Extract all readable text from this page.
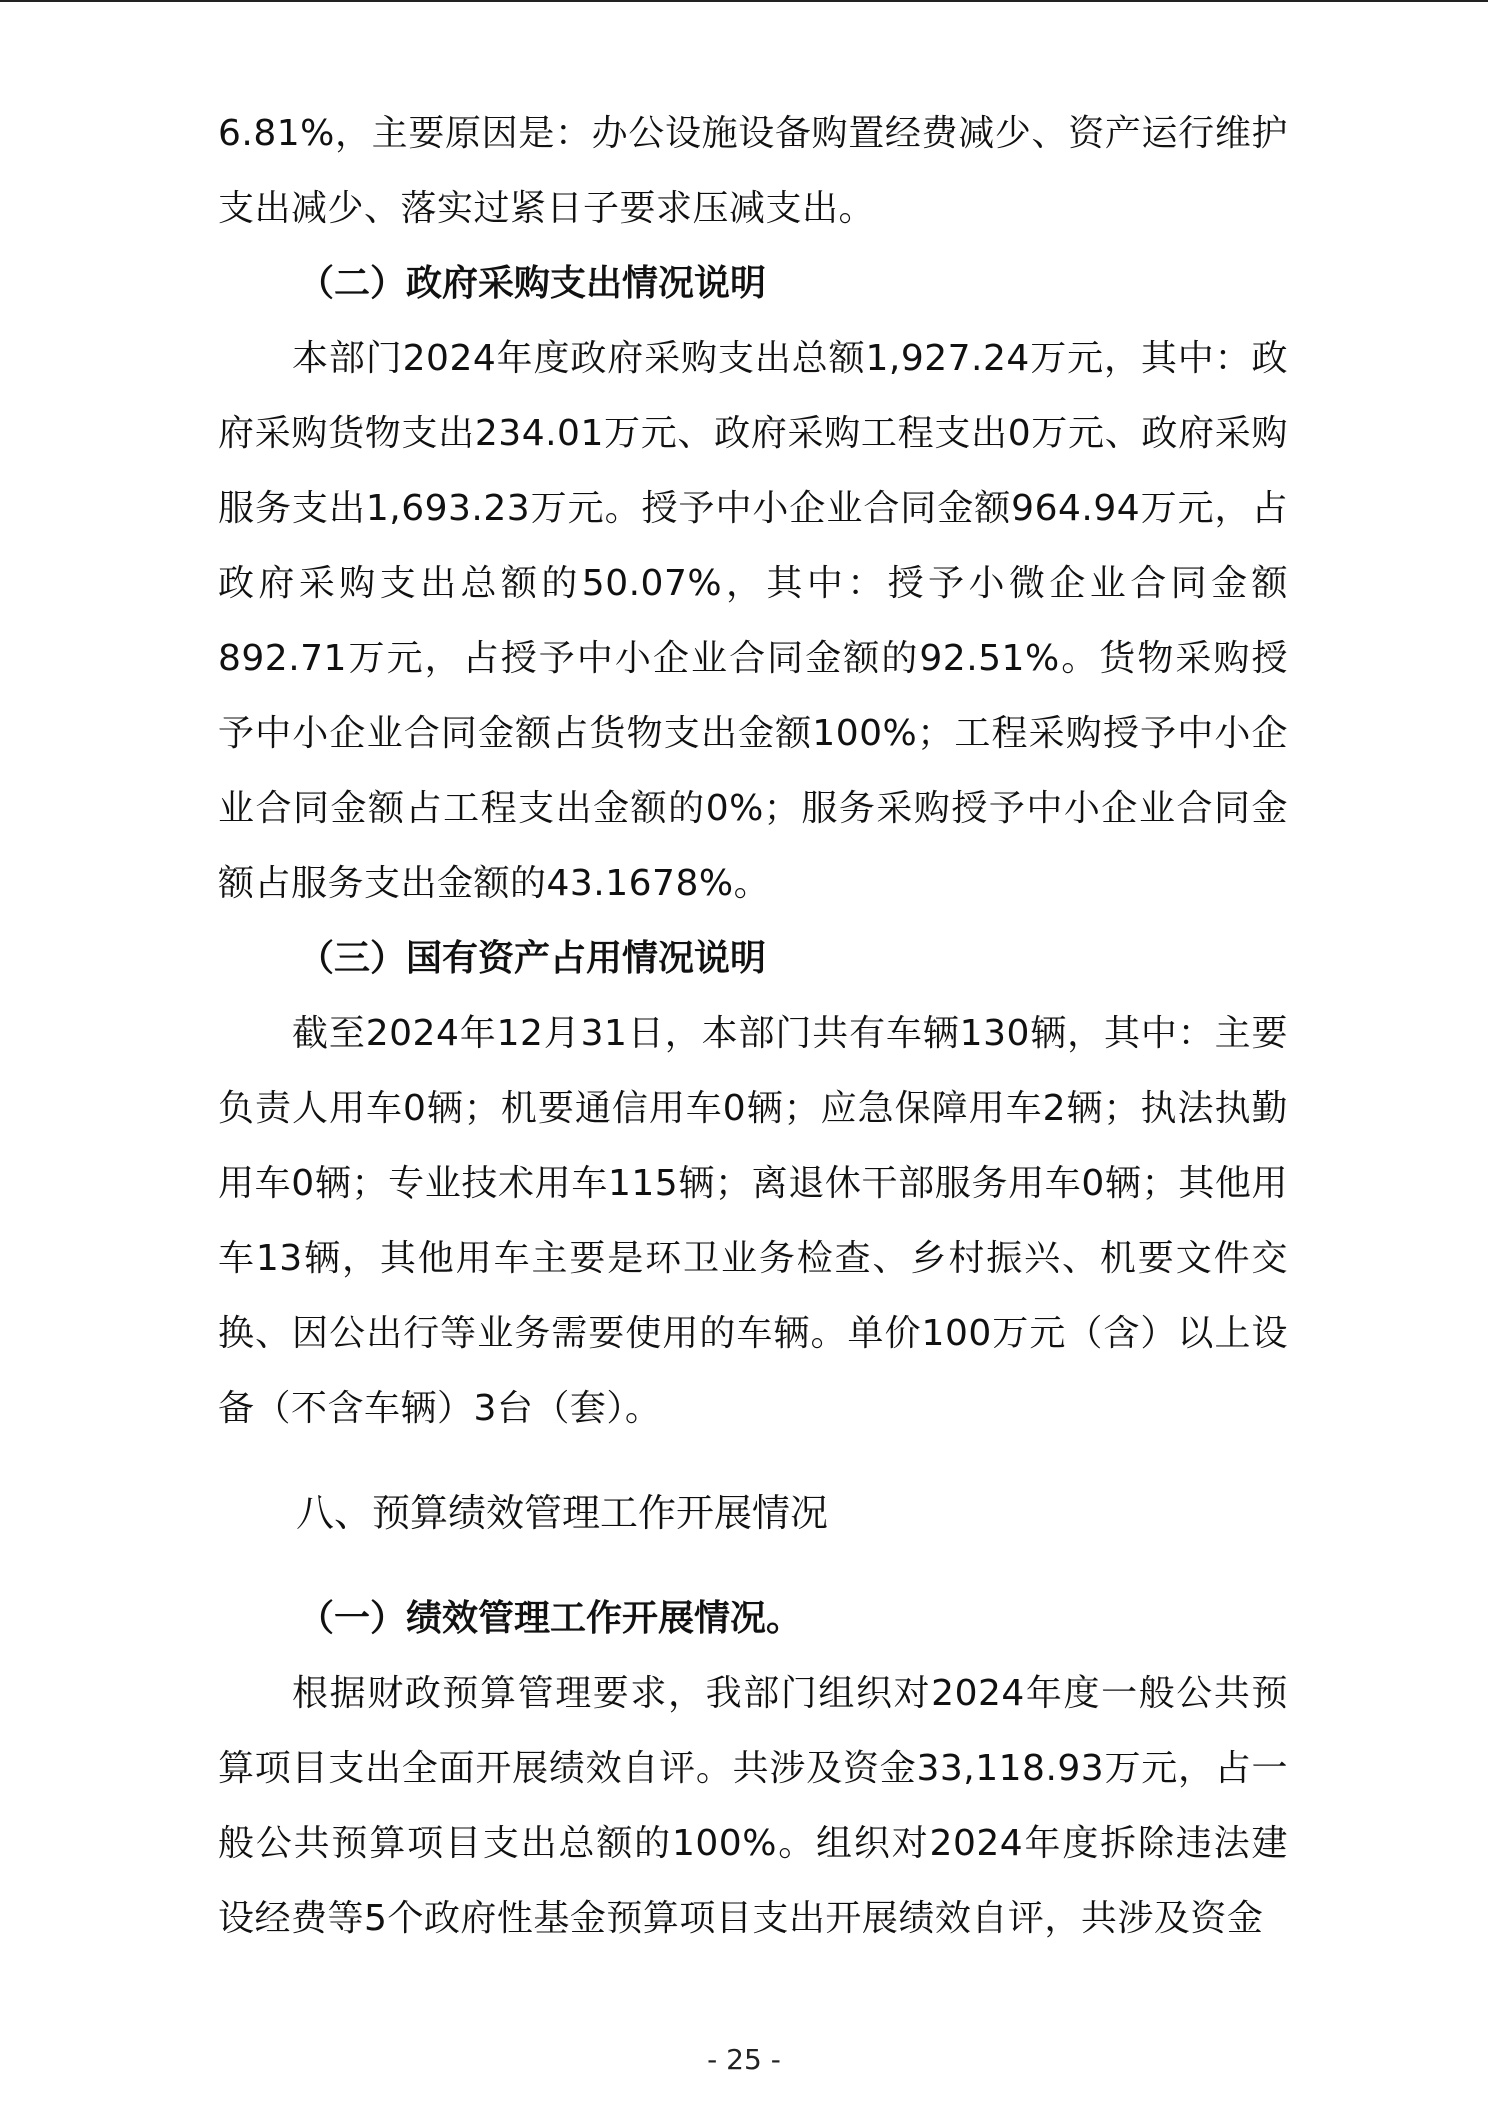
6.81%，主要原因是：办公设施设备购置经费减少、资产运行维护支出减少、落实过紧日子要求压减支出。

（二）政府采购支出情况说明

本部门2024年度政府采购支出总额1,927.24万元，其中：政府采购货物支出234.01万元、政府采购工程支出0万元、政府采购服务支出1,693.23万元。授予中小企业合同金额964.94万元，占政府采购支出总额的50.07%，其中：授予小微企业合同金额892.71万元，占授予中小企业合同金额的92.51%。货物采购授予中小企业合同金额占货物支出金额100%；工程采购授予中小企业合同金额占工程支出金额的0%；服务采购授予中小企业合同金额占服务支出金额的43.1678%。

（三）国有资产占用情况说明

截至2024年12月31日，本部门共有车辆130辆，其中：主要负责人用车0辆；机要通信用车0辆；应急保障用车2辆；执法执勤用车0辆；专业技术用车115辆；离退休干部服务用车0辆；其他用车13辆，其他用车主要是环卫业务检查、乡村振兴、机要文件交换、因公出行等业务需要使用的车辆。单价100万元（含）以上设备（不含车辆）3台（套）。

八、预算绩效管理工作开展情况

（一）绩效管理工作开展情况。

根据财政预算管理要求，我部门组织对2024年度一般公共预算项目支出全面开展绩效自评。共涉及资金33,118.93万元，占一般公共预算项目支出总额的100%。组织对2024年度拆除违法建设经费等5个政府性基金预算项目支出开展绩效自评，共涉及资金

- 25 -
